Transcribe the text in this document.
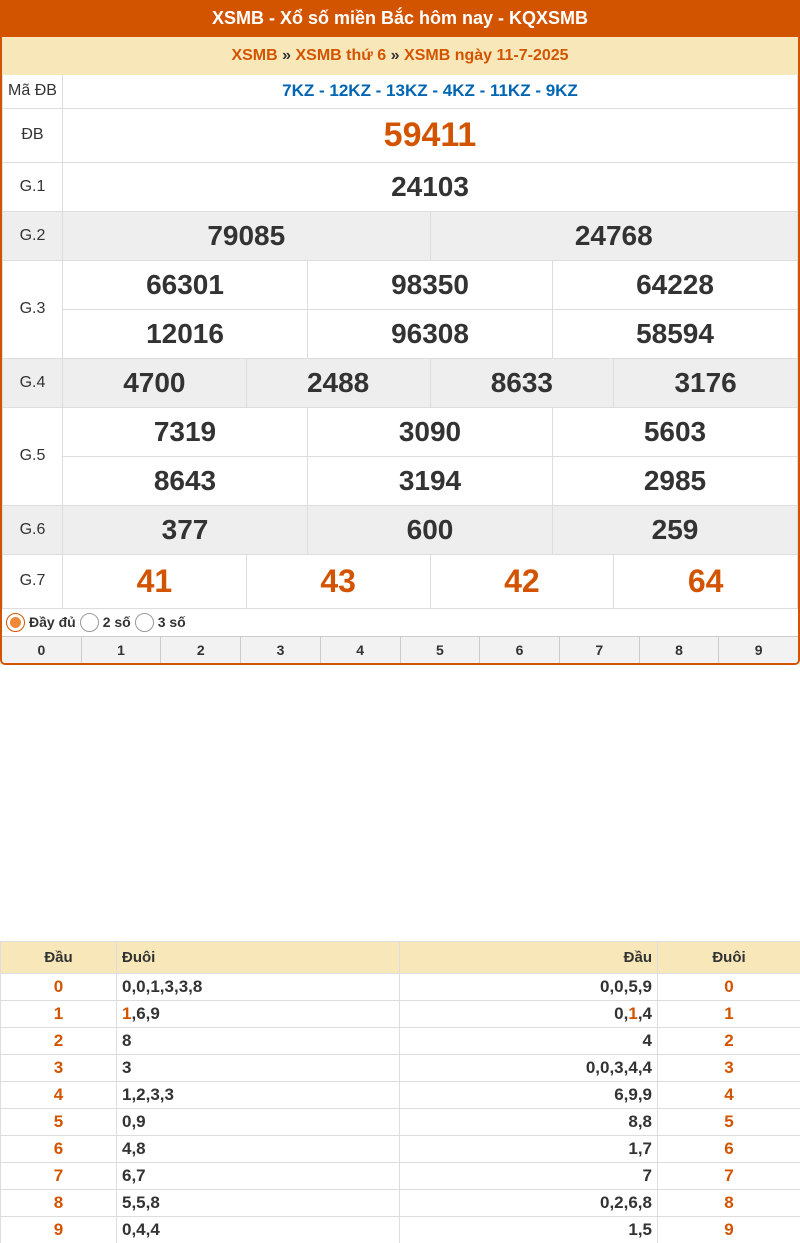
XSMB - Xổ số miền Bắc hôm nay - KQXSMB
XSMB » XSMB thứ 6 » XSMB ngày 11-7-2025
Mã ĐB	7KZ - 12KZ - 13KZ - 4KZ - 11KZ - 9KZ					
ĐB	59411					
G.1	24103					
G.2	79085			24768		
G.3	66301		98350		64228	
	12016		96308		58594	
G.4	4700	2488		8633		3176
G.5	7319		3090		5603	
	8643		3194		2985	
G.6	377		600		259	
G.7	41	43		42		64
Đầy đủ 2 số 3 số
0	1	2	3	4	5	6	7	8	9
Đầu	Đuôi	Đầu	Đuôi
0	0,0,1,3,3,8	0,0,5,9	0
1	1,6,9	0,1,4	1
2	8	4	2
3	3	0,0,3,4,4	3
4	1,2,3,3	6,9,9	4
5	0,9	8,8	5
6	4,8	1,7	6
7	6,7	7	7
8	5,5,8	0,2,6,8	8
9	0,4,4	1,5	9
